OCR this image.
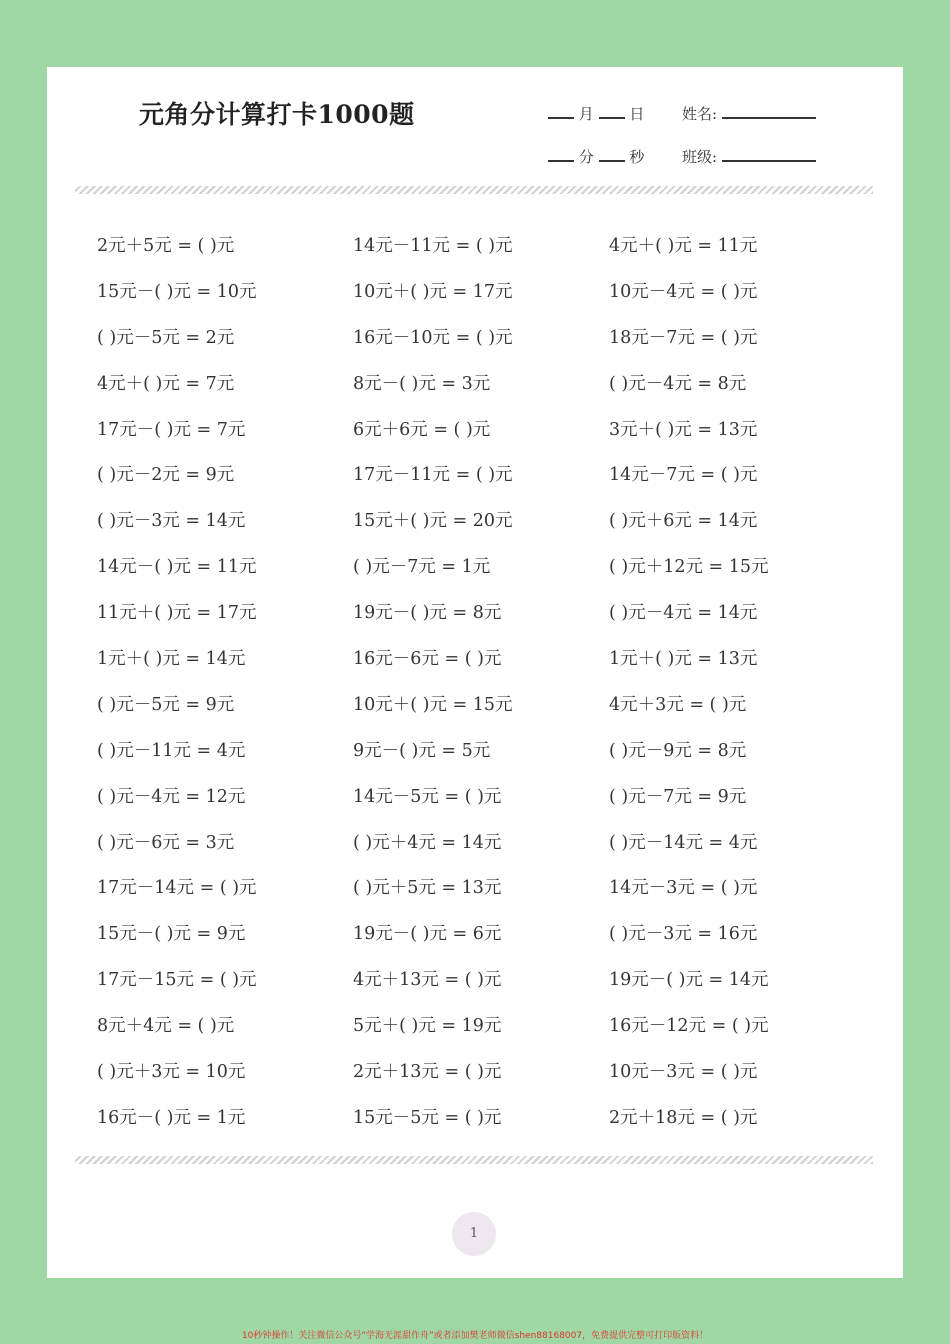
元角分计算打卡1000题	月 日	姓名:
分 秒	班级:
2元＋5元 = ( )元	14元－11元 = ( )元	4元＋( )元 = 11元
15元－( )元 = 10元	10元＋( )元 = 17元	10元－4元 = ( )元
( )元－5元 = 2元	16元－10元 = ( )元	18元－7元 = ( )元
4元＋( )元 = 7元	8元－( )元 = 3元	( )元－4元 = 8元
17元－( )元 = 7元	6元＋6元 = ( )元	3元＋( )元 = 13元
( )元－2元 = 9元	17元－11元 = ( )元	14元－7元 = ( )元
( )元－3元 = 14元	15元＋( )元 = 20元	( )元＋6元 = 14元
14元－( )元 = 11元	( )元－7元 = 1元	( )元＋12元 = 15元
11元＋( )元 = 17元	19元－( )元 = 8元	( )元－4元 = 14元
1元＋( )元 = 14元	16元－6元 = ( )元	1元＋( )元 = 13元
( )元－5元 = 9元	10元＋( )元 = 15元	4元＋3元 = ( )元
( )元－11元 = 4元	9元－( )元 = 5元	( )元－9元 = 8元
( )元－4元 = 12元	14元－5元 = ( )元	( )元－7元 = 9元
( )元－6元 = 3元	( )元＋4元 = 14元	( )元－14元 = 4元
17元－14元 = ( )元	( )元＋5元 = 13元	14元－3元 = ( )元
15元－( )元 = 9元	19元－( )元 = 6元	( )元－3元 = 16元
17元－15元 = ( )元	4元＋13元 = ( )元	19元－( )元 = 14元
8元＋4元 = ( )元	5元＋( )元 = 19元	16元－12元 = ( )元
( )元＋3元 = 10元	2元＋13元 = ( )元	10元－3元 = ( )元
16元－( )元 = 1元	15元－5元 = ( )元	2元＋18元 = ( )元
1
10秒钟操作！关注微信公众号“学海无涯甜作舟”或者添加樊老师微信shen88168007，免费提供完整可打印版资料！
